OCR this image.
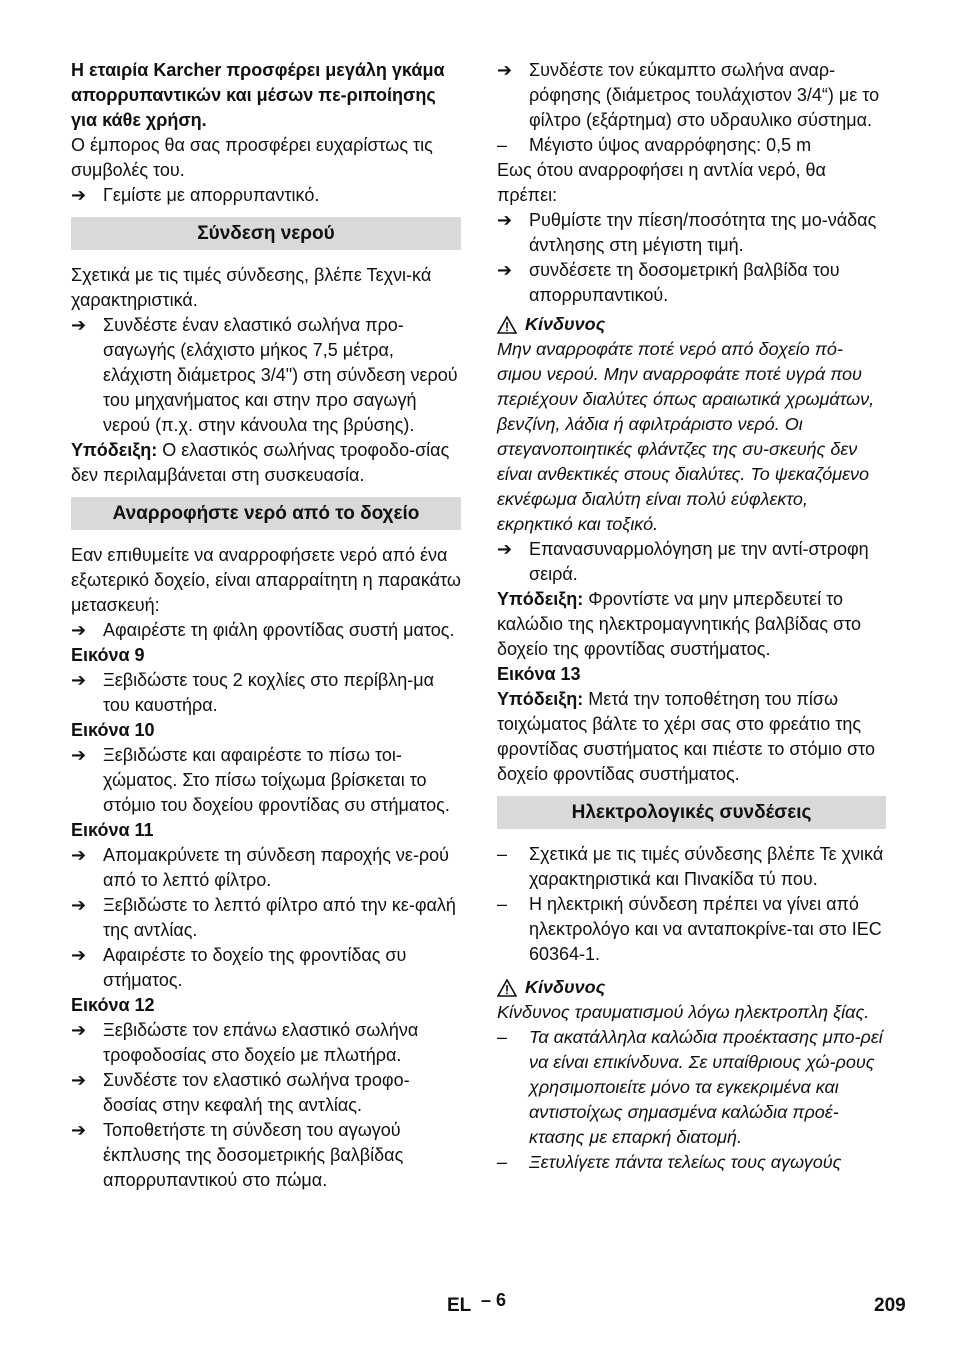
Η εταιρία Karcher προσφέρει μεγάλη γκάμα απορρυπαντικών και μέσων πε-ριποίησης για κάθε χρήση.

Ο έμπορος θα σας προσφέρει ευχαρίστως τις συμβολές του.

➔ Γεμίστε με απορρυπαντικό.
Σύνδεση νερού

Σχετικά με τις τιμές σύνδεσης, βλέπε Τεχνι-κά χαρακτηριστικά.

➔ Συνδέστε έναν ελαστικό σωλήνα προ-σαγωγής (ελάχιστο μήκος 7,5 μέτρα, ελάχιστη διάμετρος 3/4") στη σύνδεση νερού του μηχανήματος και στην προ σαγωγή νερού (π.χ. στην κάνουλα της βρύσης).

Υπόδειξη: Ο ελαστικός σωλήνας τροφοδο-σίας δεν περιλαμβάνεται στη συσκευασία.

Αναρροφήστε νερό από το δοχείο

Εαν επιθυμείτε να αναρροφήσετε νερό από ένα εξωτερικό δοχείο, είναι απαρραίτητη η παρακάτω μετασκευή:

➔ Αφαιρέστε τη φιάλη φροντίδας συστή ματος.

Εικόνα 9

➔ Ξεβιδώστε τους 2 κοχλίες στο περίβλη-μα του καυστήρα.

Εικόνα 10

➔ Ξεβιδώστε και αφαιρέστε το πίσω τοι-χώματος. Στο πίσω τοίχωμα βρίσκεται το στόμιο του δοχείου φροντίδας συ στήματος.

Εικόνα 11

➔ Απομακρύνετε τη σύνδεση παροχής νε-ρού από το λεπτό φίλτρο.
➔ Ξεβιδώστε το λεπτό φίλτρο από την κε-φαλή της αντλίας.
➔ Αφαιρέστε το δοχείο της φροντίδας συ στήματος.

Εικόνα 12

➔ Ξεβιδώστε τον επάνω ελαστικό σωλήνα τροφοδοσίας στο δοχείο με πλωτήρα.
➔ Συνδέστε τον ελαστικό σωλήνα τροφο-δοσίας στην κεφαλή της αντλίας.
➔ Τοποθετήστε τη σύνδεση του αγωγού έκπλυσης της δοσομετρικής βαλβίδας απορρυπαντικού στο πώμα.
➔ Συνδέστε τον εύκαμπτο σωλήνα αναρ-ρόφησης (διάμετρος τουλάχιστον 3/4“) με το φίλτρο (εξάρτημα) στο υδραυλικο σύστημα.
–	Μέγιστο ύψος αναρρόφησης: 0,5 m

Εως ότου αναρροφήσει η αντλία νερό, θα πρέπει:

➔ Ρυθμίστε την πίεση/ποσότητα της μο-νάδας άντλησης στη μέγιστη τιμή.
➔ συνδέσετε τη δοσομετρική βαλβίδα του απορρυπαντικού.
Κίνδυνος

Μην αναρροφάτε ποτέ νερό από δοχείο πό-σιμου νερού. Μην αναρροφάτε ποτέ υγρά που περιέχουν διαλύτες όπως αραιωτικά χρωμάτων, βενζίνη, λάδια ή αφιλτράριστο νερό. Οι στεγανοποιητικές φλάντζες της συ-σκευής δεν είναι ανθεκτικές στους διαλύτες. Το ψεκαζόμενο εκνέφωμα διαλύτη είναι πολύ εύφλεκτο, εκρηκτικό και τοξικό.

➔ Επανασυναρμολόγηση με την αντί-στροφη σειρά.

Υπόδειξη: Φροντίστε να μην μπερδευτεί το καλώδιο της ηλεκτρομαγνητικής βαλβίδας στο δοχείο της φροντίδας συστήματος.

Εικόνα 13

Υπόδειξη: Μετά την τοποθέτηση του πίσω τοιχώματος βάλτε το χέρι σας στο φρεάτιο της φροντίδας συστήματος και πιέστε το στόμιο στο δοχείο φροντίδας συστήματος.

Ηλεκτρολογικές συνδέσεις
–	Σχετικά με τις τιμές σύνδεσης βλέπε Τε χνικά χαρακτηριστικά και Πινακίδα τύ που.
–	Η ηλεκτρική σύνδεση πρέπει να γίνει από ηλεκτρολόγο και να ανταποκρίνε-ται στο IEC 60364-1.
Κίνδυνος

Κίνδυνος τραυματισμού λόγω ηλεκτροπλη ξίας.

–	Τα ακατάλληλα καλώδια προέκτασης μπο-ρεί να είναι επικίνδυνα. Σε υπαίθριους χώ-ρους χρησιμοποιείτε μόνο τα εγκεκριμένα και αντιστοίχως σημασμένα καλώδια προέ-κτασης με επαρκή διατομή.
–	Ξετυλίγετε πάντα τελείως τους αγωγούς
EL – 6	209
